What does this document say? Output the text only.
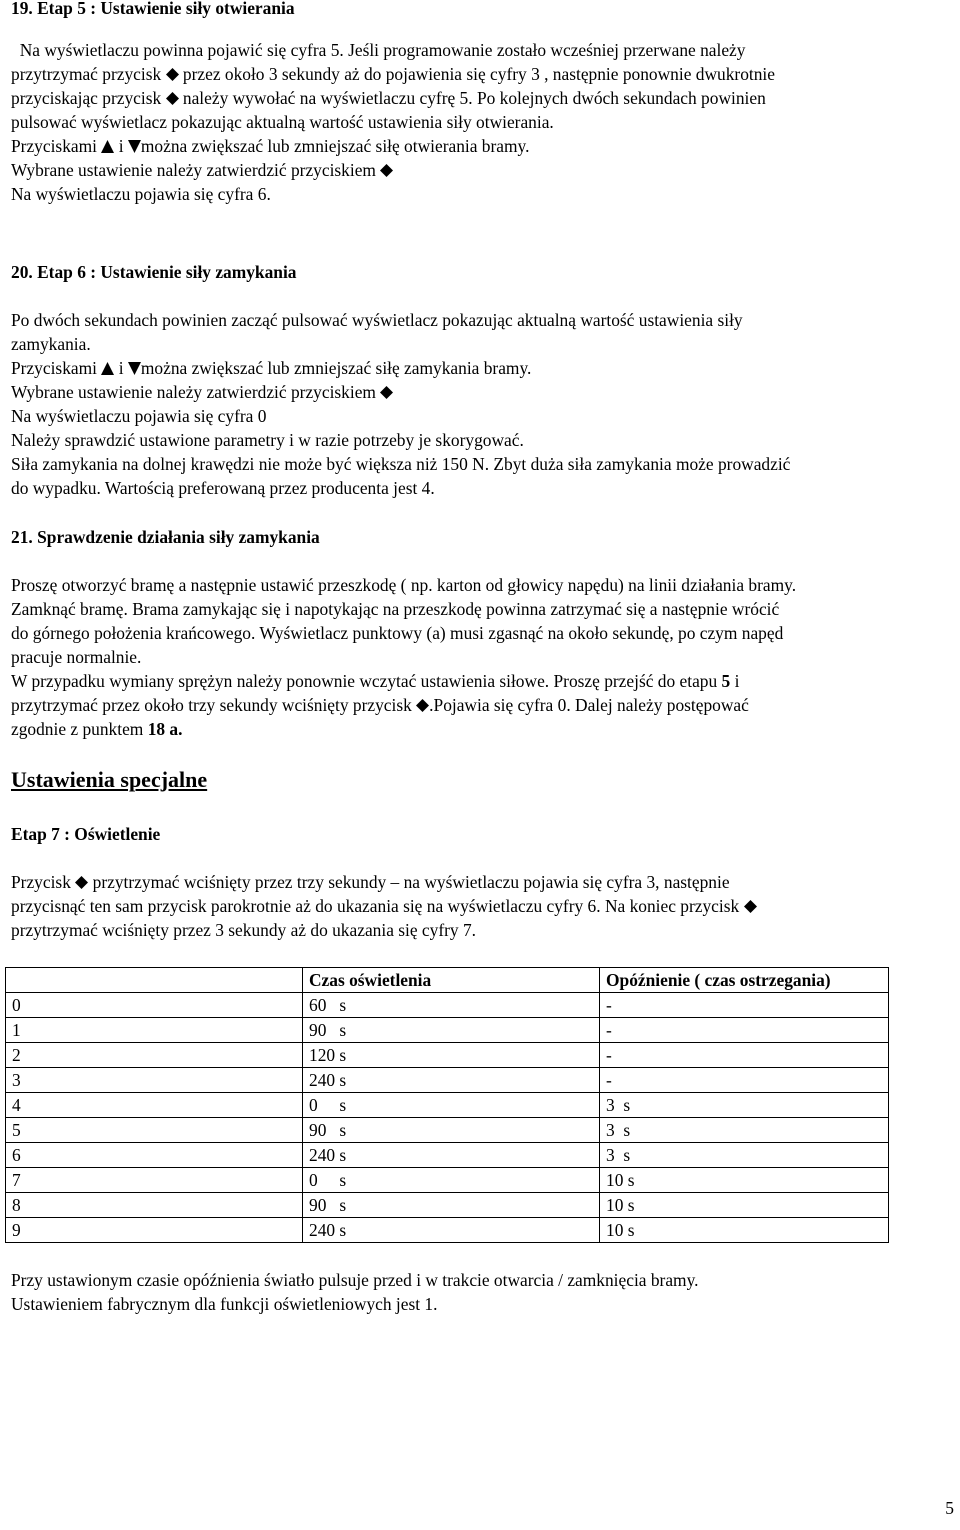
19. Etap 5 : Ustawienie siły otwierania

Na wyświetlaczu powinna pojawić się cyfra 5. Jeśli programowanie zostało wcześniej przerwane należy

przytrzymać przycisk przez około 3 sekundy aż do pojawienia się cyfry 3 , następnie ponownie dwukrotnie

przyciskając przycisk należy wywołać na wyświetlaczu cyfrę 5. Po kolejnych dwóch sekundach powinien

pulsować wyświetlacz pokazując aktualną wartość ustawienia siły otwierania.

Przyciskami i można zwiększać lub zmniejszać siłę otwierania bramy.

Wybrane ustawienie należy zatwierdzić przyciskiem

Na wyświetlaczu pojawia się cyfra 6.

20. Etap 6 : Ustawienie siły zamykania

Po dwóch sekundach powinien zacząć pulsować wyświetlacz pokazując aktualną wartość ustawienia siły

zamykania.

Przyciskami i można zwiększać lub zmniejszać siłę zamykania bramy.

Wybrane ustawienie należy zatwierdzić przyciskiem

Na wyświetlaczu pojawia się cyfra 0

Należy sprawdzić ustawione parametry i w razie potrzeby je skorygować.

Siła zamykania na dolnej krawędzi nie może być większa niż 150 N. Zbyt duża siła zamykania może prowadzić

do wypadku. Wartością preferowaną przez producenta jest 4.

21. Sprawdzenie działania siły zamykania

Proszę otworzyć bramę a następnie ustawić przeszkodę ( np. karton od głowicy napędu) na linii działania bramy.

Zamknąć bramę. Brama zamykając się i napotykając na przeszkodę powinna zatrzymać się a następnie wrócić

do górnego położenia krańcowego. Wyświetlacz punktowy (a) musi zgasnąć na około sekundę, po czym napęd

pracuje normalnie.

W przypadku wymiany sprężyn należy ponownie wczytać ustawienia siłowe. Proszę przejść do etapu 5 i

przytrzymać przez około trzy sekundy wciśnięty przycisk .Pojawia się cyfra 0. Dalej należy postępować

zgodnie z punktem 18 a.

Ustawienia specjalne

Etap 7 : Oświetlenie

Przycisk przytrzymać wciśnięty przez trzy sekundy – na wyświetlaczu pojawia się cyfra 3, następnie

przycisnąć ten sam przycisk parokrotnie aż do ukazania się na wyświetlaczu cyfry 6. Na koniec przycisk

przytrzymać wciśnięty przez 3 sekundy aż do ukazania się cyfry 7.

	Czas oświetlenia	Opóźnienie ( czas ostrzegania)
0	60   s	-
1	90   s	-
2	120 s	-
3	240 s	-
4	0     s	3  s
5	90   s	3  s
6	240 s	3  s
7	0     s	10 s
8	90   s	10 s
9	240 s	10 s

Przy ustawionym czasie opóźnienia światło pulsuje przed i w trakcie otwarcia / zamknięcia bramy.

Ustawieniem fabrycznym dla funkcji oświetleniowych jest 1.

5
